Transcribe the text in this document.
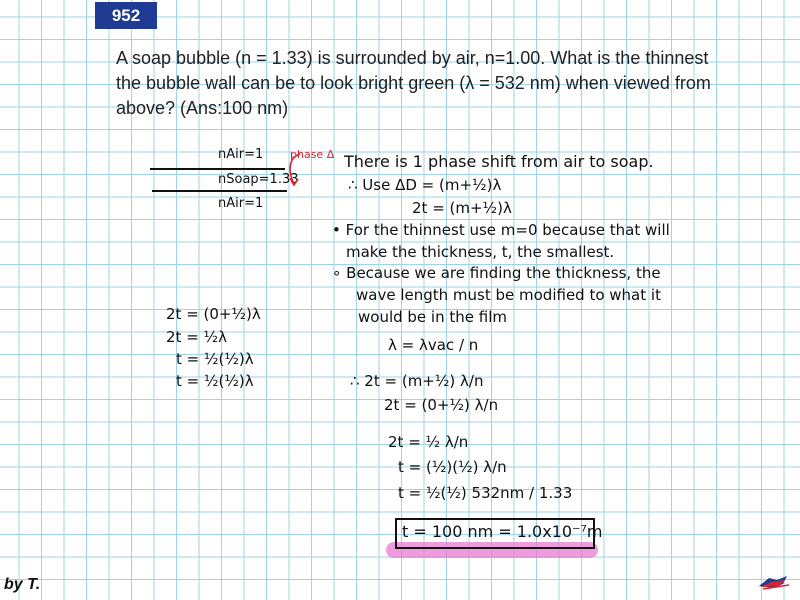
952
A soap bubble (n = 1.33) is surrounded by air, n=1.00. What is the thinnest the bubble wall can be to look bright green (λ = 532 nm) when viewed from above? (Ans:100 nm)
nAir=1
nSoap=1.33
nAir=1
phase Δ There is 1 phase shift from air to soap.
∴ Use ΔD = (m+½)λ
2t = (m+½)λ
• For the thinnest use m=0 because that will
make the thickness, t, the smallest.
∘ Because we are finding the thickness, the
wave length must be modified to what it
would be in the film
λ = λvac / n
∴ 2t = (m+½) λ/n
2t = (0+½) λ/n
2t = ½ λ/n
t = (½)(½) λ/n
t = ½(½) 532nm / 1.33
t = 100 nm = 1.0x10⁻⁷m
2t = (0+½)λ
2t = ½λ
t = ½(½)λ
t = ½(½)λ
by T.
